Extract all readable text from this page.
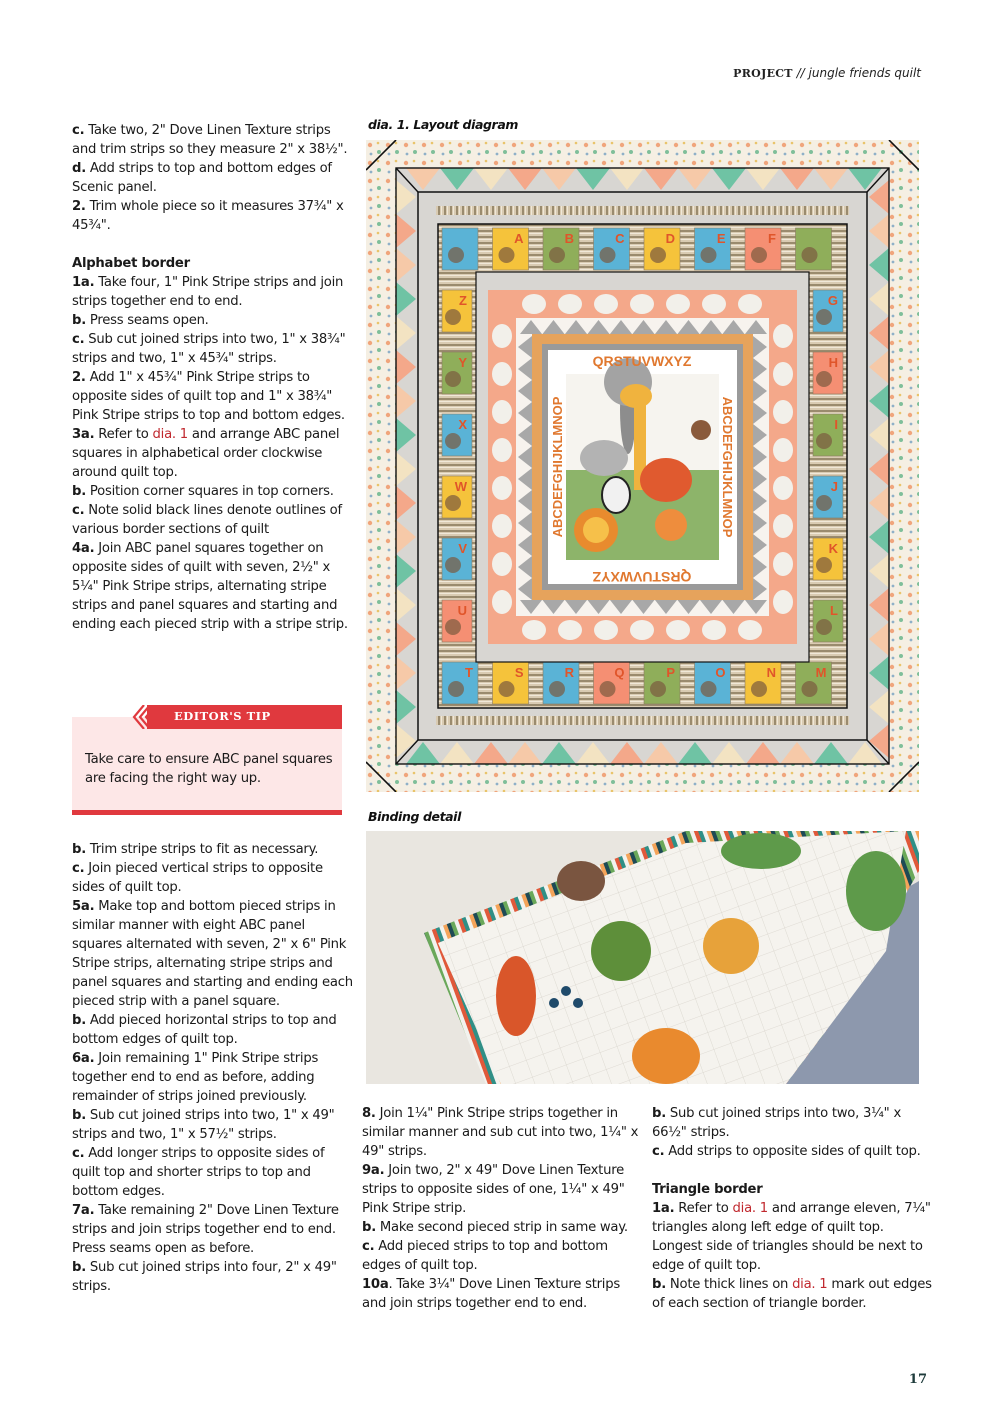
PROJECT // jungle friends quilt

c. Take two, 2" Dove Linen Texture strips and trim strips so they measure 2" x 38½".

d. Add strips to top and bottom edges of Scenic panel.

2. Trim whole piece so it measures 37¾" x 45¾".

Alphabet border

1a. Take four, 1" Pink Stripe strips and join strips together end to end.

b. Press seams open.

c. Sub cut joined strips into two, 1" x 38¾" strips and two, 1" x 45¾" strips.

2. Add 1" x 45¾" Pink Stripe strips to opposite sides of quilt top and 1" x 38¾" Pink Stripe strips to top and bottom edges.

3a. Refer to dia. 1 and arrange ABC panel squares in alphabetical order clockwise around quilt top.

b. Position corner squares in top corners.

c. Note solid black lines denote outlines of various border sections of quilt

4a. Join ABC panel squares together on opposite sides of quilt with seven, 2½" x 5¼" Pink Stripe strips, alternating stripe strips and panel squares and starting and ending each pieced strip with a stripe strip.

EDITOR'S TIP
Take care to ensure ABC panel squares are facing the right way up.

b. Trim stripe strips to fit as necessary.

c. Join pieced vertical strips to opposite sides of quilt top.

5a. Make top and bottom pieced strips in similar manner with eight ABC panel squares alternated with seven, 2" x 6" Pink Stripe strips, alternating stripe strips and panel squares and starting and ending each pieced strip with a panel square.

b. Add pieced horizontal strips to top and bottom edges of quilt top.

6a. Join remaining 1" Pink Stripe strips together end to end as before, adding remainder of strips joined previously.

b. Sub cut joined strips into two, 1" x 49" strips and two, 1" x 57½" strips.

c. Add longer strips to opposite sides of quilt top and shorter strips to top and bottom edges.

7a. Take remaining 2" Dove Linen Texture strips and join strips together end to end. Press seams open as before.

b. Sub cut joined strips into four, 2" x 49" strips.

dia. 1. Layout diagram
Binding detail
A	B	C	D	E	F
T	S	R	Q	P	O	N	M
Z
Y
X
W
V
U
G
H
I
J
K
L
QRSTUVWXYZ
QRSTUVWXYZ
ABCDEFGHIJKLMNOP	ABCDEFGHIJKLMNOP

8. Join 1¼" Pink Stripe strips together in similar manner and sub cut into two, 1¼" x 49" strips.

9a. Join two, 2" x 49" Dove Linen Texture strips to opposite sides of one, 1¼" x 49" Pink Stripe strip.

b. Make second pieced strip in same way.

c. Add pieced strips to top and bottom edges of quilt top.

10a. Take 3¼" Dove Linen Texture strips and join strips together end to end.

b. Sub cut joined strips into two, 3¼" x 66½" strips.

c. Add strips to opposite sides of quilt top.

Triangle border

1a. Refer to dia. 1 and arrange eleven, 7¼" triangles along left edge of quilt top. Longest side of triangles should be next to edge of quilt top.

b. Note thick lines on dia. 1 mark out edges of each section of triangle border.

17
